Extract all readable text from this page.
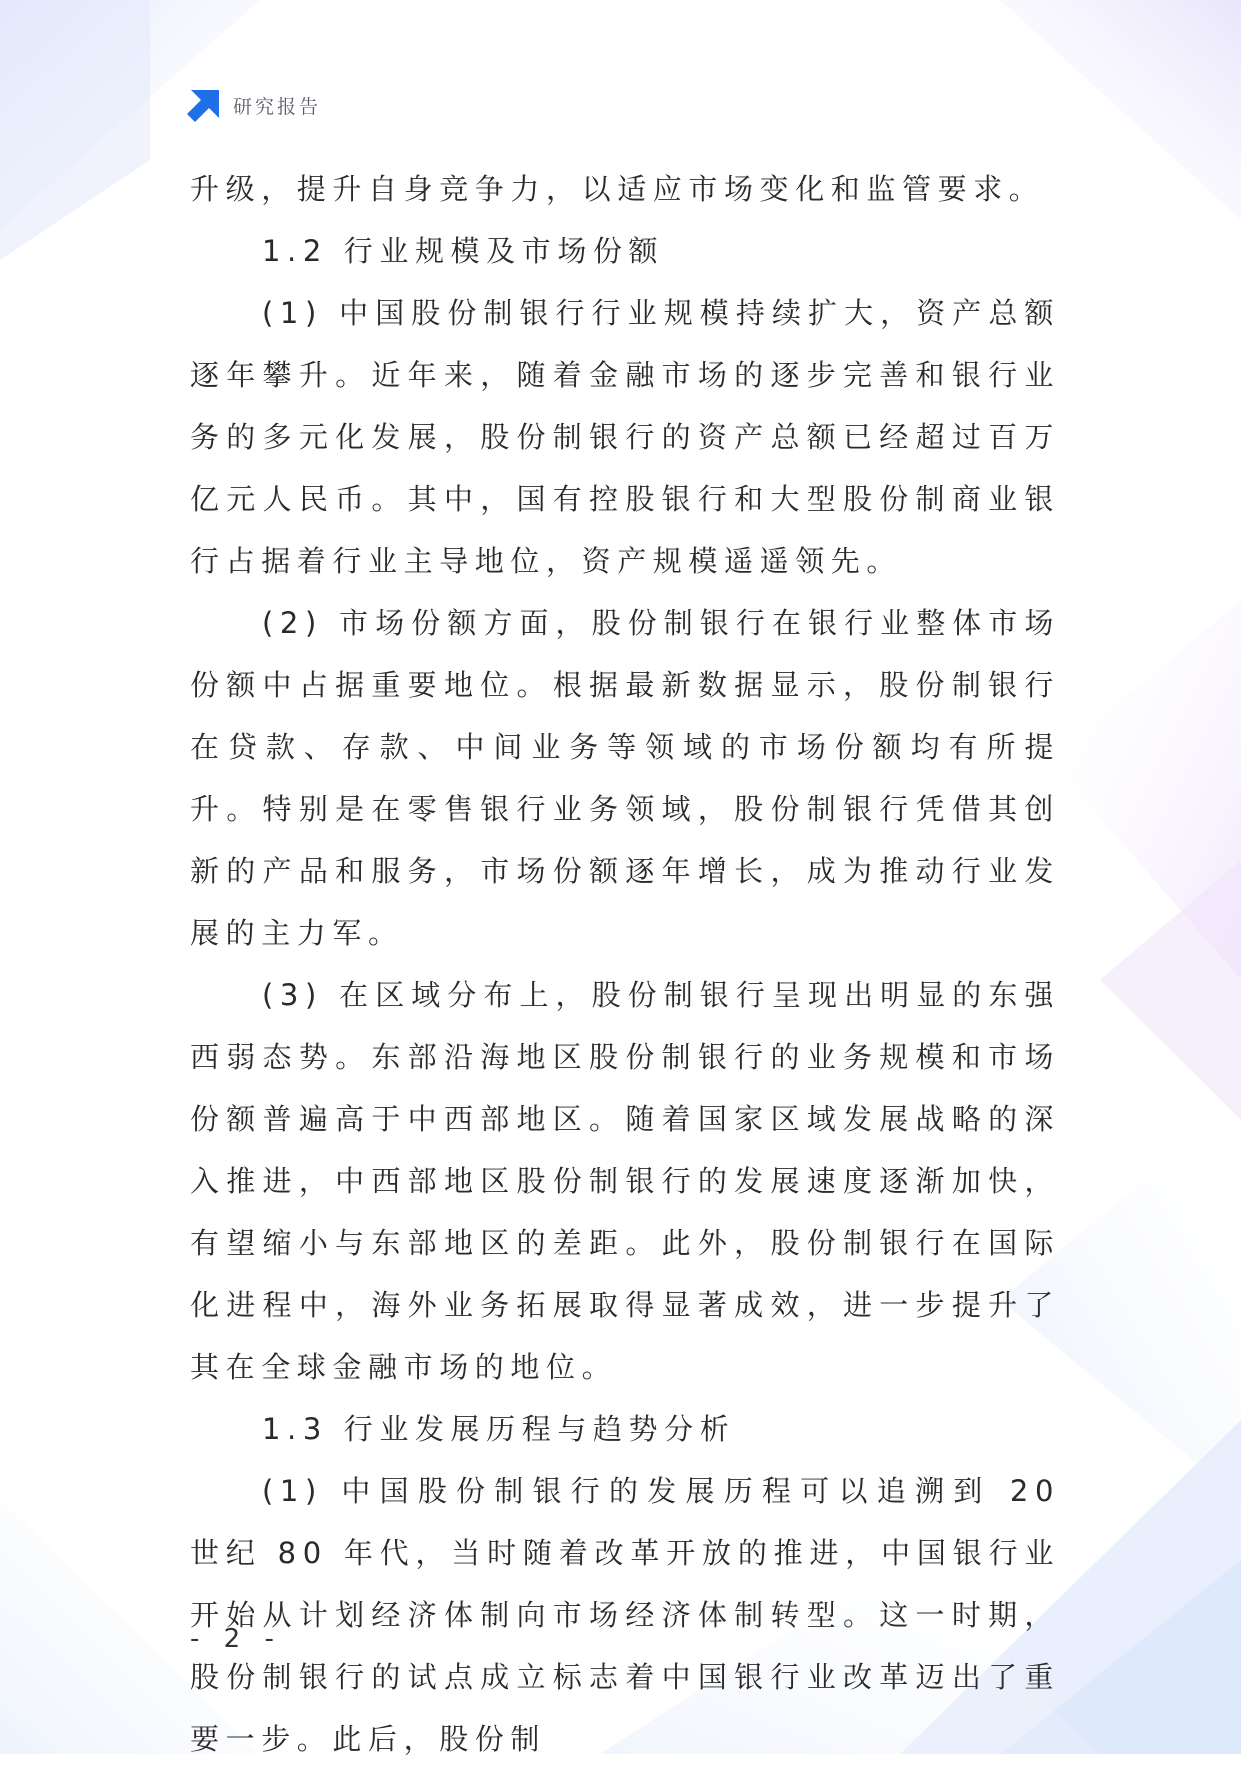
研究报告

升级，提升自身竞争力，以适应市场变化和监管要求。

1.2 行业规模及市场份额

(1) 中国股份制银行行业规模持续扩大，资产总额逐年攀升。近年来，随着金融市场的逐步完善和银行业务的多元化发展，股份制银行的资产总额已经超过百万亿元人民币。其中，国有控股银行和大型股份制商业银行占据着行业主导地位，资产规模遥遥领先。

(2) 市场份额方面，股份制银行在银行业整体市场份额中占据重要地位。根据最新数据显示，股份制银行在贷款、存款、中间业务等领域的市场份额均有所提升。特别是在零售银行业务领域，股份制银行凭借其创新的产品和服务，市场份额逐年增长，成为推动行业发展的主力军。

(3) 在区域分布上，股份制银行呈现出明显的东强西弱态势。东部沿海地区股份制银行的业务规模和市场份额普遍高于中西部地区。随着国家区域发展战略的深入推进，中西部地区股份制银行的发展速度逐渐加快，有望缩小与东部地区的差距。此外，股份制银行在国际化进程中，海外业务拓展取得显著成效，进一步提升了其在全球金融市场的地位。

1.3 行业发展历程与趋势分析

(1) 中国股份制银行的发展历程可以追溯到 20 世纪 80 年代，当时随着改革开放的推进，中国银行业开始从计划经济体制向市场经济体制转型。这一时期，股份制银行的试点成立标志着中国银行业改革迈出了重要一步。此后，股份制

- 2 -
